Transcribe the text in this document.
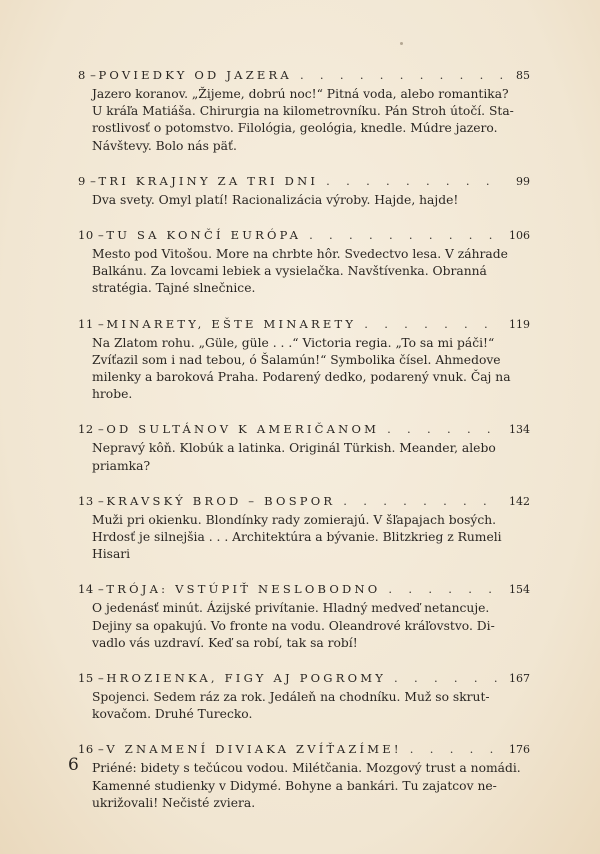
8 – POVIEDKY OD JAZERA . . .	85
Jazero koranov. „Žijeme, dobrú noc!“ Pitná voda, alebo romantika?
U kráľa Matiáša. Chirurgia na kilometrovníku. Pán Stroh útočí. Sta-
rostlivosť o potomstvo. Filológia, geológia, knedle. Múdre jazero.
Návštevy. Bolo nás päť.
9 – TRI KRAJINY ZA TRI DNI . . .	99
Dva svety. Omyl platí! Racionalizácia výroby. Hajde, hajde!
10 – TU SA KONČÍ EURÓPA . . .	106
Mesto pod Vitošou. More na chrbte hôr. Svedectvo lesa. V záhrade
Balkánu. Za lovcami lebiek a vysielačka. Navštívenka. Obranná
stratégia. Tajné slnečnice.
11 – MINARETY, EŠTE MINARETY . . .	119
Na Zlatom rohu. „Güle, güle . . .“ Victoria regia. „To sa mi páči!“
Zvíťazil som i nad tebou, ó Šalamún!“ Symbolika čísel. Ahmedove
milenky a baroková Praha. Podarený dedko, podarený vnuk. Čaj na
hrobe.
12 – OD SULTÁNOV K AMERIČANOM . . .	134
Nepravý kôň. Klobúk a latinka. Originál Türkish. Meander, alebo
priamka?
13 – KRAVSKÝ BROD – BOSPOR . . .	142
Muži pri okienku. Blondínky rady zomierajú. V šľapajach bosých.
Hrdosť je silnejšia . . . Architektúra a bývanie. Blitzkrieg z Rumeli
Hisari
14 – TRÓJA: VSTÚPIŤ NESLOBODNO . . .	154
O jedenásť minút. Ázijské privítanie. Hladný medveď netancuje.
Dejiny sa opakujú. Vo fronte na vodu. Oleandrové kráľovstvo. Di-
vadlo vás uzdraví. Keď sa robí, tak sa robí!
15 – HROZIENKA, FIGY AJ POGROMY . . .	167
Spojenci. Sedem ráz za rok. Jedáleň na chodníku. Muž so skrut-
kovačom. Druhé Turecko.
16 – V ZNAMENÍ DIVIAKA ZVÍŤAZÍME! . . .	176
Priéné: bidety s tečúcou vodou. Milétčania. Mozgový trust a nomádi.
Kamenné studienky v Didymé. Bohyne a bankári. Tu zajatcov ne-
ukrižovali! Nečisté zviera.
6
